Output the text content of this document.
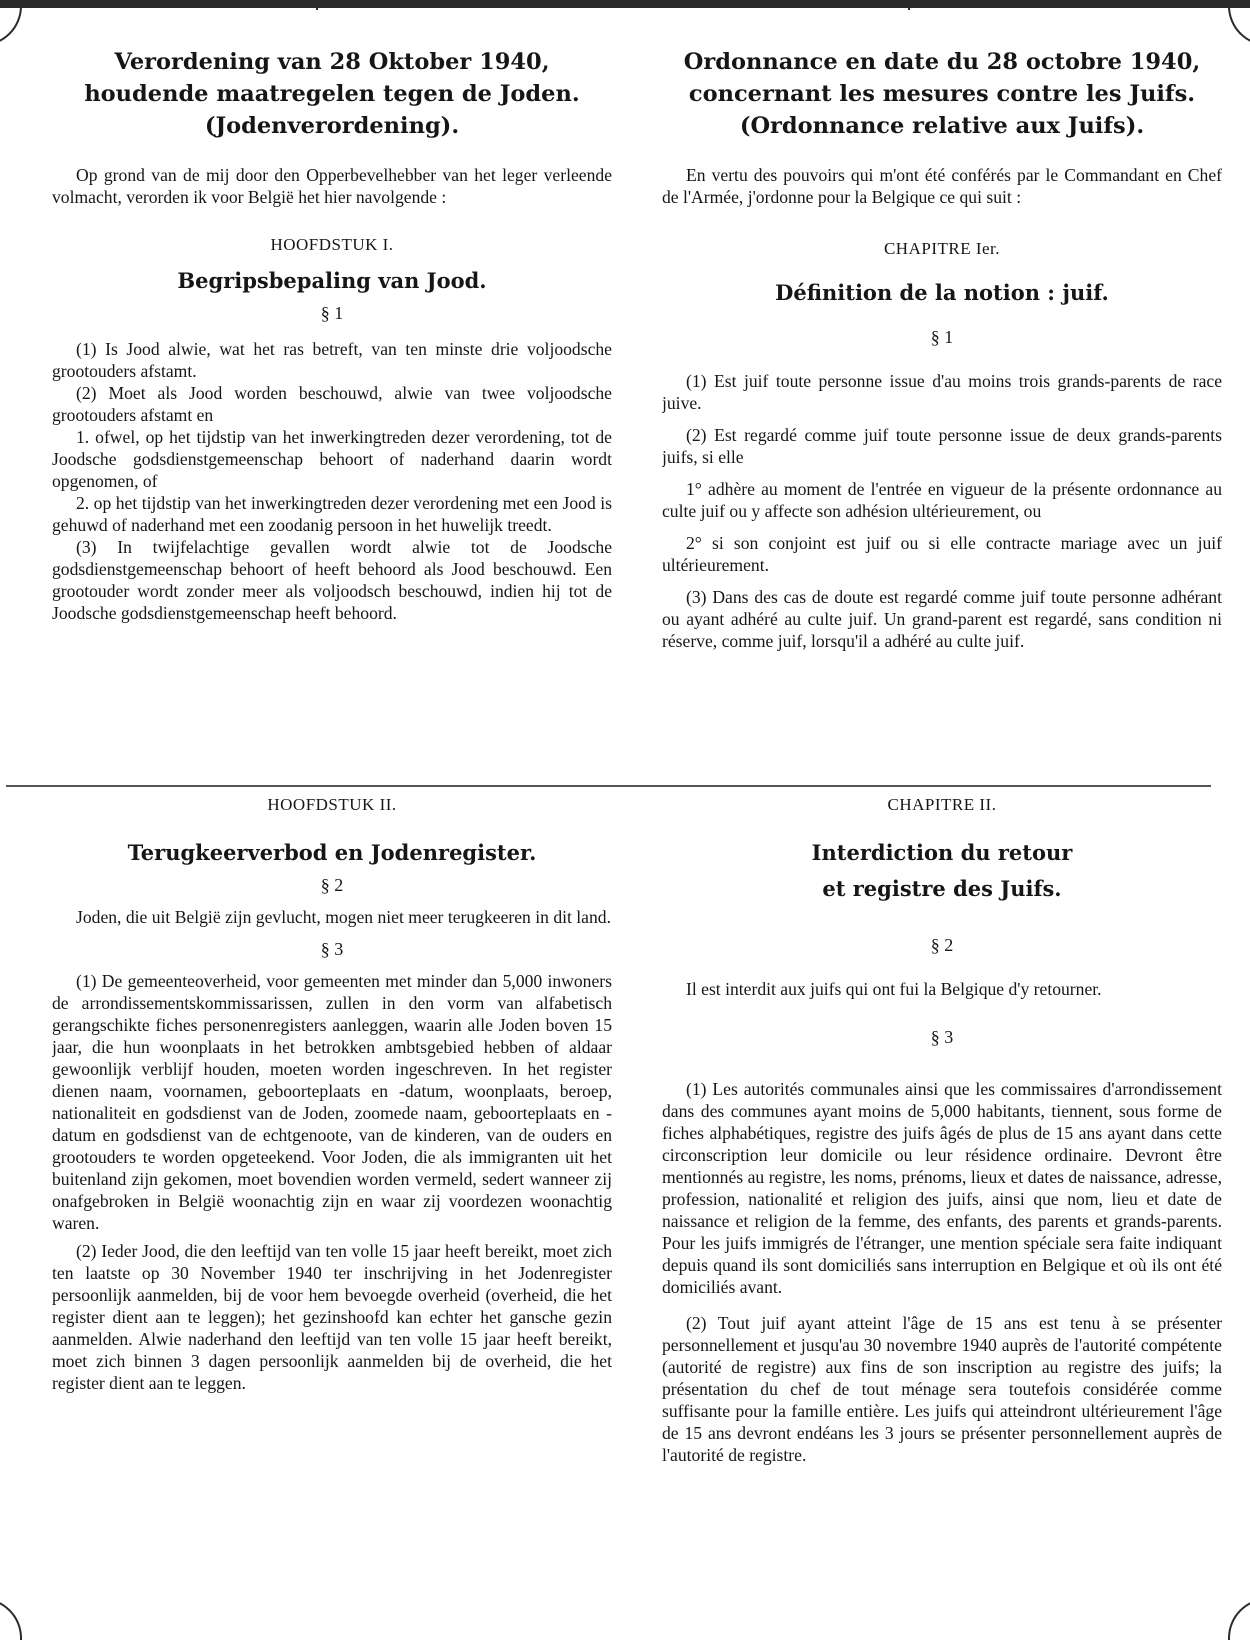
Verordening van 28 Oktober 1940, houdende maatregelen tegen de Joden. (Jodenverordening).

Op grond van de mij door den Opperbevelhebber van het leger verleende volmacht, verorden ik voor België het hier navolgende :

HOOFDSTUK I.
Begripsbepaling van Jood.
§ 1

(1) Is Jood alwie, wat het ras betreft, van ten minste drie voljoodsche grootouders afstamt.

(2) Moet als Jood worden beschouwd, alwie van twee voljoodsche grootouders afstamt en

1. ofwel, op het tijdstip van het inwerkingtreden dezer verordening, tot de Joodsche godsdienstgemeenschap behoort of naderhand daarin wordt opgenomen, of

2. op het tijdstip van het inwerkingtreden dezer verordening met een Jood is gehuwd of naderhand met een zoodanig persoon in het huwelijk treedt.

(3) In twijfelachtige gevallen wordt alwie tot de Joodsche godsdienstgemeenschap behoort of heeft behoord als Jood beschouwd. Een grootouder wordt zonder meer als voljoodsch beschouwd, indien hij tot de Joodsche godsdienstgemeenschap heeft behoord.

Ordonnance en date du 28 octobre 1940, concernant les mesures contre les Juifs. (Ordonnance relative aux Juifs).

En vertu des pouvoirs qui m'ont été conférés par le Commandant en Chef de l'Armée, j'ordonne pour la Belgique ce qui suit :

CHAPITRE Ier.
Définition de la notion : juif.
§ 1

(1) Est juif toute personne issue d'au moins trois grands-parents de race juive.

(2) Est regardé comme juif toute personne issue de deux grands-parents juifs, si elle

1° adhère au moment de l'entrée en vigueur de la présente ordonnance au culte juif ou y affecte son adhésion ultérieurement, ou

2° si son conjoint est juif ou si elle contracte mariage avec un juif ultérieurement.

(3) Dans des cas de doute est regardé comme juif toute personne adhérant ou ayant adhéré au culte juif. Un grand-parent est regardé, sans condition ni réserve, comme juif, lorsqu'il a adhéré au culte juif.

HOOFDSTUK II.
Terugkeerverbod en Jodenregister.
§ 2

Joden, die uit België zijn gevlucht, mogen niet meer terugkeeren in dit land.

§ 3

(1) De gemeenteoverheid, voor gemeenten met minder dan 5,000 inwoners de arrondissementskommissarissen, zullen in den vorm van alfabetisch gerangschikte fiches personenregisters aanleggen, waarin alle Joden boven 15 jaar, die hun woonplaats in het betrokken ambtsgebied hebben of aldaar gewoonlijk verblijf houden, moeten worden ingeschreven. In het register dienen naam, voornamen, geboorteplaats en -datum, woonplaats, beroep, nationaliteit en godsdienst van de Joden, zoomede naam, geboorteplaats en -datum en godsdienst van de echtgenoote, van de kinderen, van de ouders en grootouders te worden opgeteekend. Voor Joden, die als immigranten uit het buitenland zijn gekomen, moet bovendien worden vermeld, sedert wanneer zij onafgebroken in België woonachtig zijn en waar zij voordezen woonachtig waren.

(2) Ieder Jood, die den leeftijd van ten volle 15 jaar heeft bereikt, moet zich ten laatste op 30 November 1940 ter inschrijving in het Jodenregister persoonlijk aanmelden, bij de voor hem bevoegde overheid (overheid, die het register dient aan te leggen); het gezinshoofd kan echter het gansche gezin aanmelden. Alwie naderhand den leeftijd van ten volle 15 jaar heeft bereikt, moet zich binnen 3 dagen persoonlijk aanmelden bij de overheid, die het register dient aan te leggen.

CHAPITRE II.
Interdiction du retour
et registre des Juifs.
§ 2

Il est interdit aux juifs qui ont fui la Belgique d'y retourner.

§ 3

(1) Les autorités communales ainsi que les commissaires d'arrondissement dans des communes ayant moins de 5,000 habitants, tiennent, sous forme de fiches alphabétiques, registre des juifs âgés de plus de 15 ans ayant dans cette circonscription leur domicile ou leur résidence ordinaire. Devront être mentionnés au registre, les noms, prénoms, lieux et dates de naissance, adresse, profession, nationalité et religion des juifs, ainsi que nom, lieu et date de naissance et religion de la femme, des enfants, des parents et grands-parents. Pour les juifs immigrés de l'étranger, une mention spéciale sera faite indiquant depuis quand ils sont domiciliés sans interruption en Belgique et où ils ont été domiciliés avant.

(2) Tout juif ayant atteint l'âge de 15 ans est tenu à se présenter personnellement et jusqu'au 30 novembre 1940 auprès de l'autorité compétente (autorité de registre) aux fins de son inscription au registre des juifs; la présentation du chef de tout ménage sera toutefois considérée comme suffisante pour la famille entière. Les juifs qui atteindront ultérieurement l'âge de 15 ans devront endéans les 3 jours se présenter personnellement auprès de l'autorité de registre.
